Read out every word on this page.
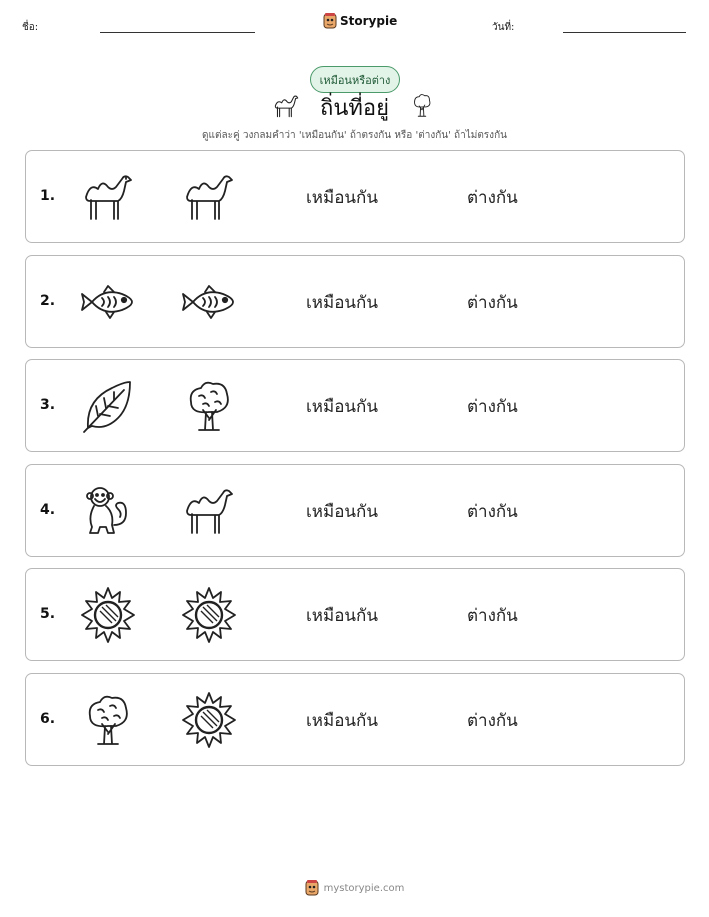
ชื่อ:	Storypie	วันที่:
เหมือนหรือต่าง
ถิ่นที่อยู่
ดูแต่ละคู่ วงกลมคำว่า 'เหมือนกัน' ถ้าตรงกัน หรือ 'ต่างกัน' ถ้าไม่ตรงกัน
1.	เหมือนกัน	ต่างกัน
2.	เหมือนกัน	ต่างกัน
3.	เหมือนกัน	ต่างกัน
4.	เหมือนกัน	ต่างกัน
5.	เหมือนกัน	ต่างกัน
6.	เหมือนกัน	ต่างกัน
mystorypie.com
